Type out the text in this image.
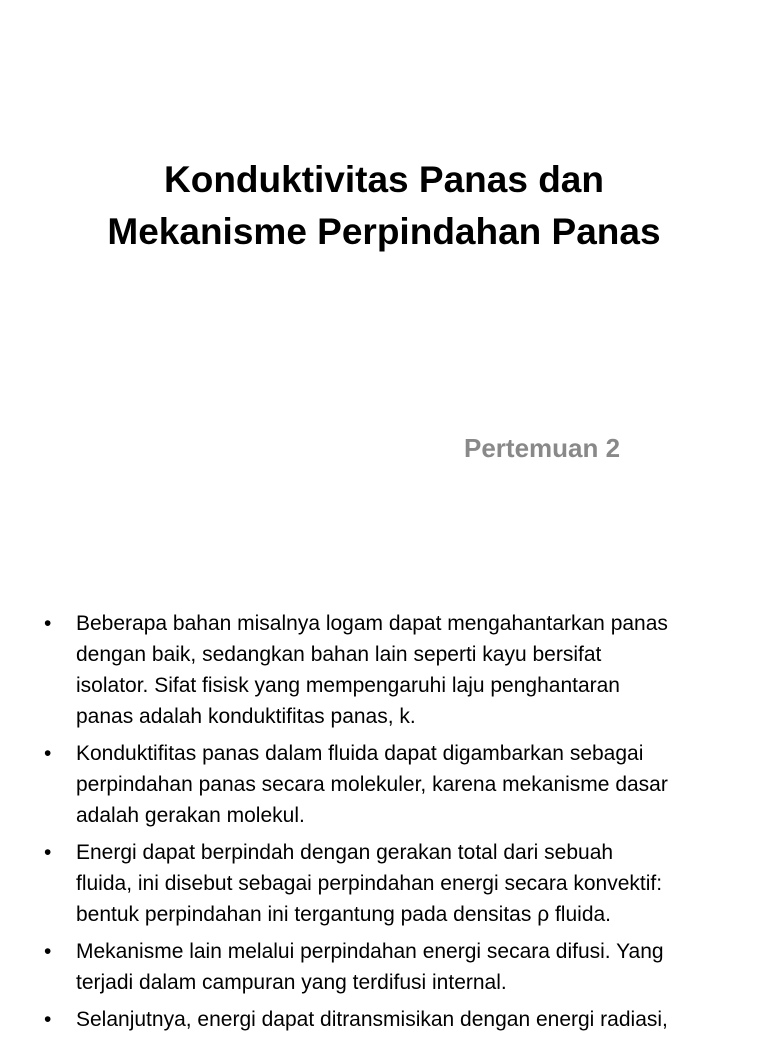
Konduktivitas Panas dan
Mekanisme Perpindahan Panas

Pertemuan 2

•	Beberapa bahan misalnya logam dapat mengahantarkan panas
dengan baik, sedangkan bahan lain seperti kayu bersifat
isolator. Sifat fisisk yang mempengaruhi laju penghantaran
panas adalah konduktifitas panas, k.
•	Konduktifitas panas dalam fluida dapat digambarkan sebagai
perpindahan panas secara molekuler, karena mekanisme dasar
adalah gerakan molekul.
•	Energi dapat berpindah dengan gerakan total dari sebuah
fluida, ini disebut sebagai perpindahan energi secara konvektif:
bentuk perpindahan ini tergantung pada densitas ρ fluida.
•	Mekanisme lain melalui perpindahan energi secara difusi. Yang
terjadi dalam campuran yang terdifusi internal.
•	Selanjutnya, energi dapat ditransmisikan dengan energi radiasi,
